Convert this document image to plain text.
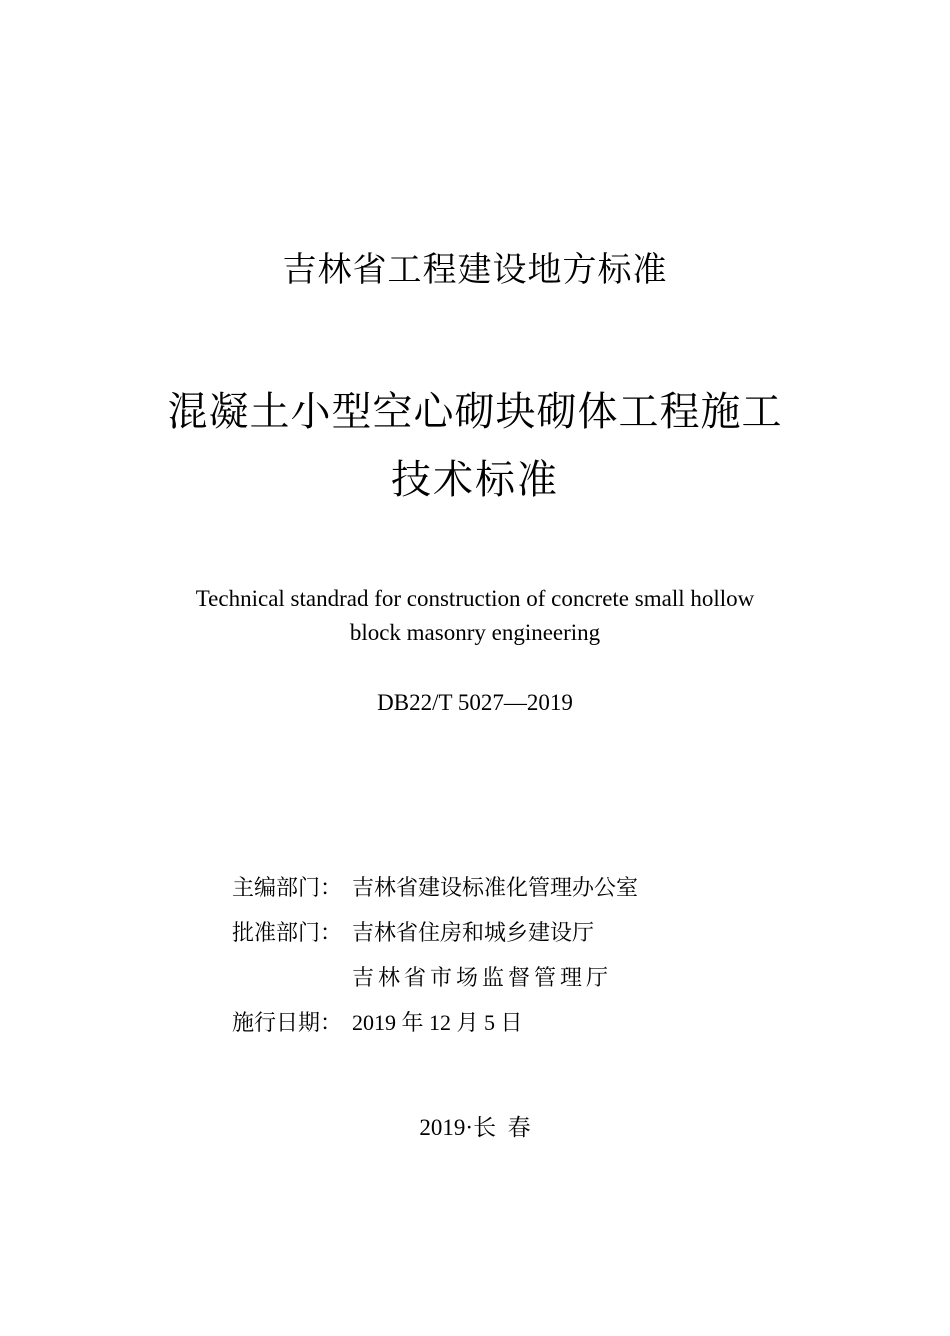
吉林省工程建设地方标准
混凝土小型空心砌块砌体工程施工
技术标准
Technical standrad for construction of concrete small hollow
block masonry engineering
DB22/T 5027—2019
主编部门： 吉林省建设标准化管理办公室
批准部门： 吉林省住房和城乡建设厅
吉林省市场监督管理厅
施行日期： 2019 年 12 月 5 日
2019·长  春
